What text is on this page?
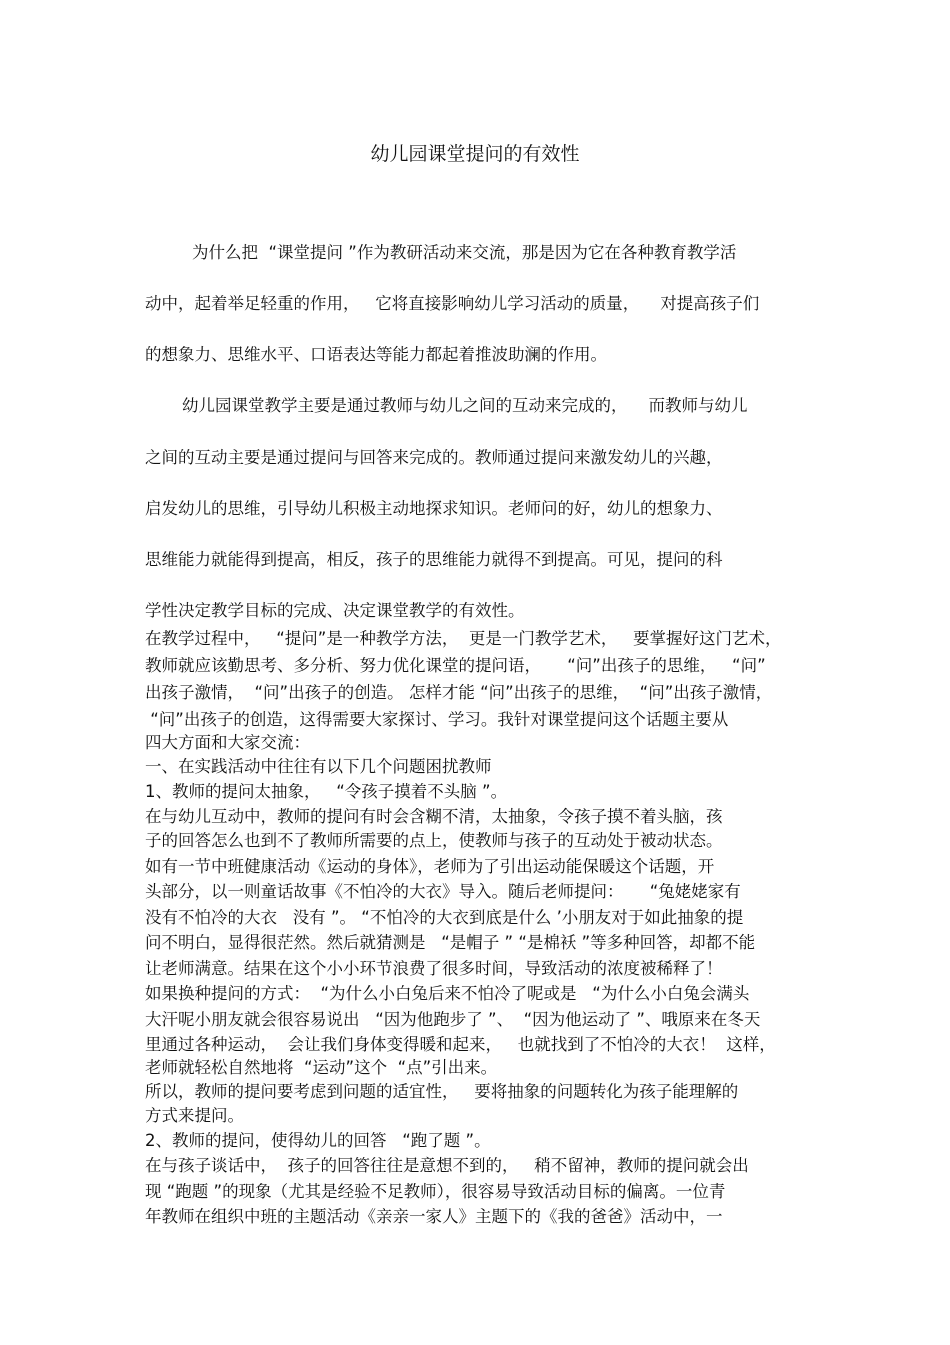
幼儿园课堂提问的有效性
为什么把  “课堂提问 ”作为教研活动来交流，那是因为它在各种教育教学活
动中，起着举足轻重的作用，   它将直接影响幼儿学习活动的质量，    对提高孩子们
的想象力、思维水平、口语表达等能力都起着推波助澜的作用。
幼儿园课堂教学主要是通过教师与幼儿之间的互动来完成的，    而教师与幼儿
之间的互动主要是通过提问与回答来完成的。教师通过提问来激发幼儿的兴趣，
启发幼儿的思维，引导幼儿积极主动地探求知识。老师问的好，幼儿的想象力、
思维能力就能得到提高，相反，孩子的思维能力就得不到提高。可见，提问的科
学性决定教学目标的完成、决定课堂教学的有效性。
在教学过程中，   “提问”是一种教学方法，  更是一门教学艺术，   要掌握好这门艺术，
教师就应该勤思考、多分析、努力优化课堂的提问语，     “问”出孩子的思维，   “问”
出孩子激情，  “问”出孩子的创造。 怎样才能 “问”出孩子的思维，  “问”出孩子激情，
“问”出孩子的创造，这得需要大家探讨、学习。我针对课堂提问这个话题主要从
四大方面和大家交流：
一、在实践活动中往往有以下几个问题困扰教师
1、教师的提问太抽象，   “令孩子摸着不头脑 ”。
在与幼儿互动中，教师的提问有时会含糊不清，太抽象，令孩子摸不着头脑，孩
子的回答怎么也到不了教师所需要的点上，使教师与孩子的互动处于被动状态。
如有一节中班健康活动《运动的身体》，老师为了引出运动能保暖这个话题，开
头部分，以一则童话故事《不怕冷的大衣》导入。随后老师提问：     “兔姥姥家有
没有不怕冷的大衣   没有 ”。 “不怕冷的大衣到底是什么 ’小朋友对于如此抽象的提
问不明白，显得很茫然。然后就猜测是   “是帽子 ” “是棉袄 ”等多种回答，却都不能
让老师满意。结果在这个小小环节浪费了很多时间，导致活动的浓度被稀释了！
如果换种提问的方式：  “为什么小白兔后来不怕冷了呢或是   “为什么小白兔会满头
大汗呢小朋友就会很容易说出   “因为他跑步了 ”、  “因为他运动了 ”、哦原来在冬天
里通过各种运动，  会让我们身体变得暖和起来，   也就找到了不怕冷的大衣！  这样，
老师就轻松自然地将  “运动”这个  “点”引出来。
所以，教师的提问要考虑到问题的适宜性，   要将抽象的问题转化为孩子能理解的
方式来提问。
2、教师的提问，使得幼儿的回答   “跑了题 ”。
在与孩子谈话中，  孩子的回答往往是意想不到的，   稍不留神，教师的提问就会出
现 “跑题 ”的现象（尤其是经验不足教师），很容易导致活动目标的偏离。一位青
年教师在组织中班的主题活动《亲亲一家人》主题下的《我的爸爸》活动中，一
